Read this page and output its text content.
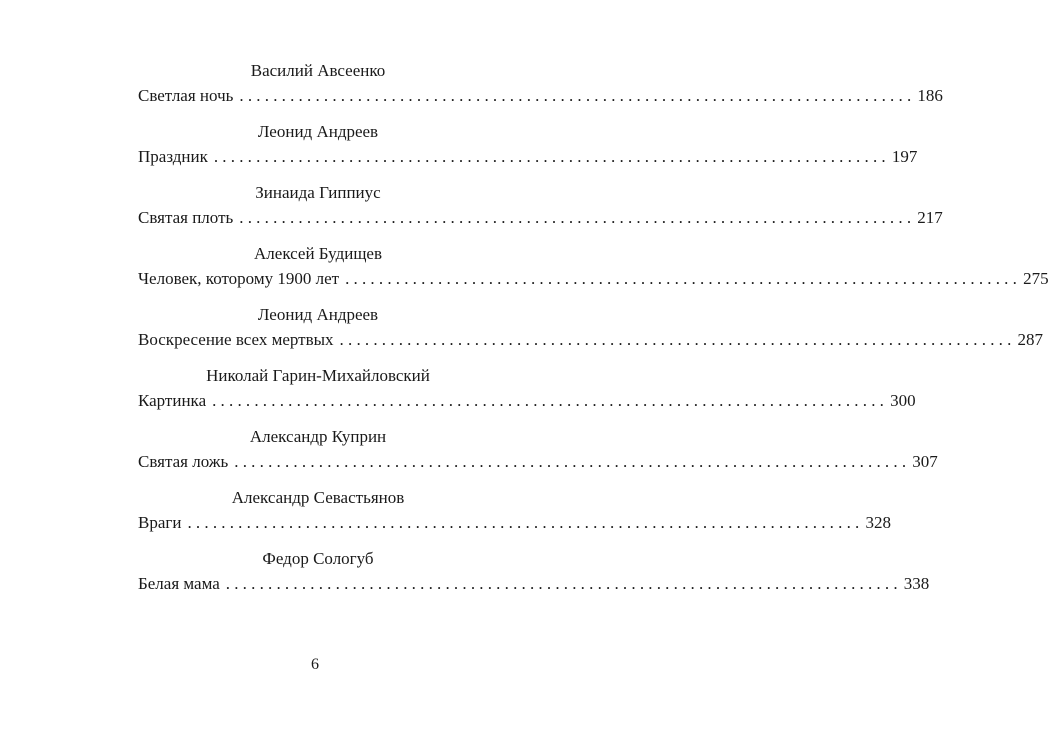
Василий Авсеенко
Светлая ночь ................................................................................ 186
Леонид Андреев
Праздник ................................................................................ 197
Зинаида Гиппиус
Святая плоть ................................................................................ 217
Алексей Будищев
Человек, которому 1900 лет ................................................................................ 275
Леонид Андреев
Воскресение всех мертвых ................................................................................ 287
Николай Гарин-Михайловский
Картинка ................................................................................ 300
Александр Куприн
Святая ложь ................................................................................ 307
Александр Севастьянов
Враги ................................................................................ 328
Федор Сологуб
Белая мама ................................................................................ 338
6
